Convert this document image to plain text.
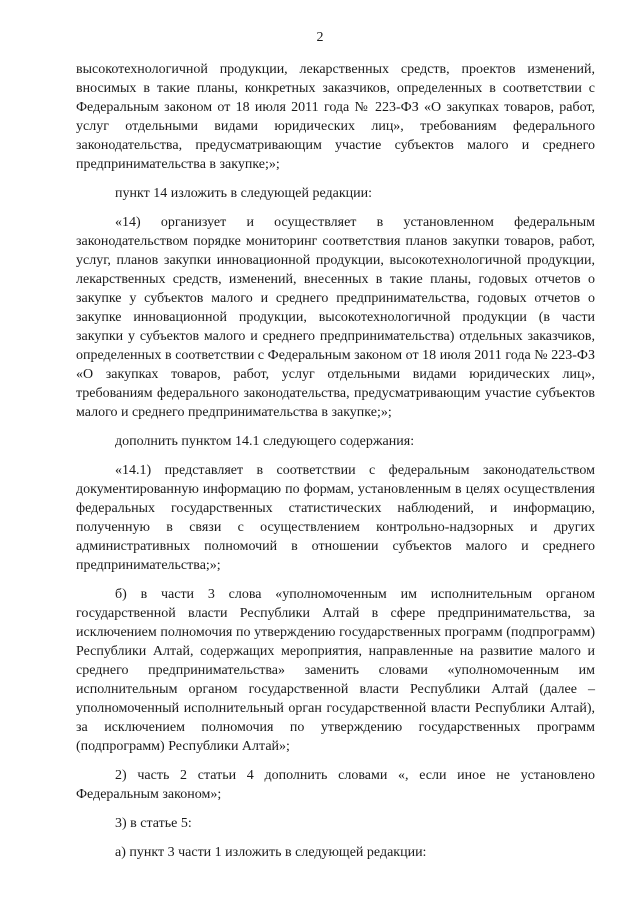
2

высокотехнологичной продукции, лекарственных средств, проектов изменений, вносимых в такие планы, конкретных заказчиков, определенных в соответствии с Федеральным законом от 18 июля 2011 года № 223-ФЗ «О закупках товаров, работ, услуг отдельными видами юридических лиц», требованиям федерального законодательства, предусматривающим участие субъектов малого и среднего предпринимательства в закупке;»;

пункт 14 изложить в следующей редакции:

«14) организует и осуществляет в установленном федеральным законодательством порядке мониторинг соответствия планов закупки товаров, работ, услуг, планов закупки инновационной продукции, высокотехнологичной продукции, лекарственных средств, изменений, внесенных в такие планы, годовых отчетов о закупке у субъектов малого и среднего предпринимательства, годовых отчетов о закупке инновационной продукции, высокотехнологичной продукции (в части закупки у субъектов малого и среднего предпринимательства) отдельных заказчиков, определенных в соответствии с Федеральным законом от 18 июля 2011 года № 223-ФЗ «О закупках товаров, работ, услуг отдельными видами юридических лиц», требованиям федерального законодательства, предусматривающим участие субъектов малого и среднего предпринимательства в закупке;»;

дополнить пунктом 14.1 следующего содержания:

«14.1) представляет в соответствии с федеральным законодательством документированную информацию по формам, установленным в целях осуществления федеральных государственных статистических наблюдений, и информацию, полученную в связи с осуществлением контрольно-надзорных и других административных полномочий в отношении субъектов малого и среднего предпринимательства;»;

б) в части 3 слова «уполномоченным им исполнительным органом государственной власти Республики Алтай в сфере предпринимательства, за исключением полномочия по утверждению государственных программ (подпрограмм) Республики Алтай, содержащих мероприятия, направленные на развитие малого и среднего предпринимательства» заменить словами «уполномоченным им исполнительным органом государственной власти Республики Алтай (далее – уполномоченный исполнительный орган государственной власти Республики Алтай), за исключением полномочия по утверждению государственных программ (подпрограмм) Республики Алтай»;

2) часть 2 статьи 4 дополнить словами «, если иное не установлено Федеральным законом»;

3) в статье 5:

а) пункт 3 части 1 изложить в следующей редакции:
